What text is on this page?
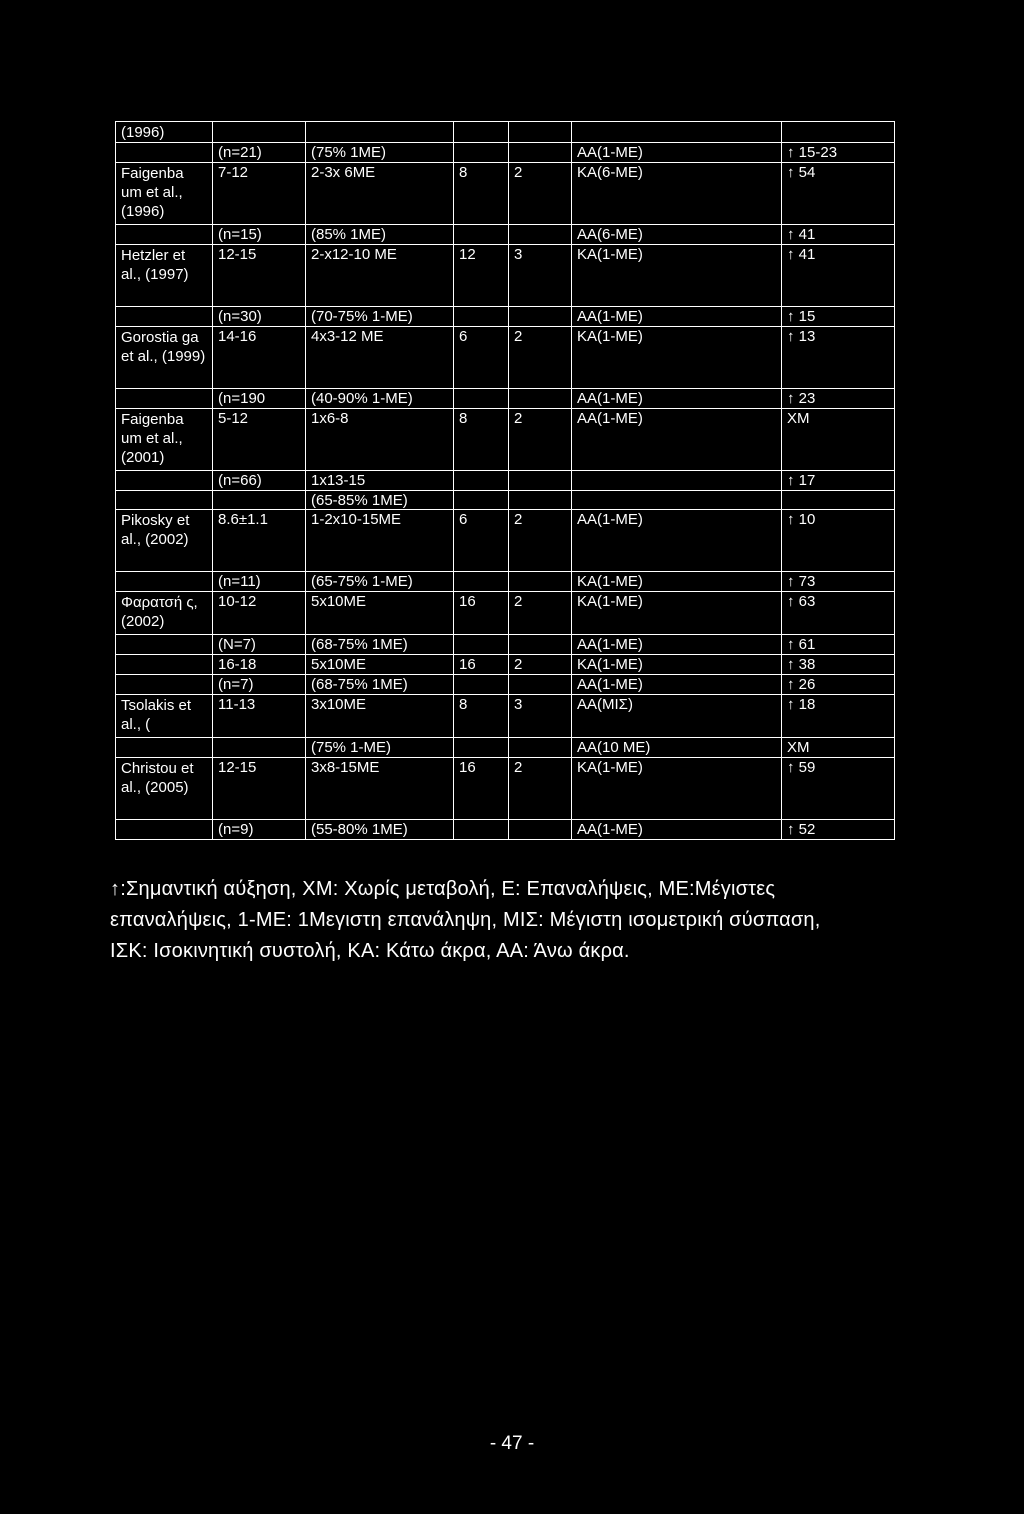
(1996)						
	(n=21)	(75% 1ΜΕ)			ΑΑ(1-ΜΕ)	↑ 15-23
Faigenba um et al., (1996)	7-12	2-3x 6ME	8	2	ΚΑ(6-ΜΕ)	↑ 54
	(n=15)	(85% 1ΜΕ)			ΑΑ(6-ΜΕ)	↑ 41
Hetzler et al., (1997)	12-15	2-x12-10 ME	12	3	ΚΑ(1-ΜΕ)	↑ 41
	(n=30)	(70-75% 1-ΜΕ)			ΑΑ(1-ΜΕ)	↑ 15
Gorostia ga et al., (1999)	14-16	4x3-12 ME	6	2	ΚΑ(1-ΜΕ)	↑ 13
	(n=190	(40-90% 1-ΜΕ)			ΑΑ(1-ΜΕ)	↑ 23
Faigenba um et al., (2001)	5-12	1x6-8	8	2	ΑΑ(1-ΜΕ)	ΧΜ
	(n=66)	1x13-15				↑ 17
		(65-85% 1ΜΕ)				
Pikosky et al., (2002)	8.6±1.1	1-2x10-15ME	6	2	ΑΑ(1-ΜΕ)	↑ 10
	(n=11)	(65-75% 1-ΜΕ)			ΚΑ(1-ΜΕ)	↑ 73
Φαρατσή ς,(2002)	10-12	5x10ME	16	2	ΚΑ(1-ΜΕ)	↑ 63
	(N=7)	(68-75% 1ΜΕ)			ΑΑ(1-ΜΕ)	↑ 61
	16-18	5x10ME	16	2	ΚΑ(1-ΜΕ)	↑ 38
	(n=7)	(68-75% 1ΜΕ)			ΑΑ(1-ΜΕ)	↑ 26
Tsolakis et al., (	11-13	3x10ME	8	3	ΑΑ(ΜΙΣ)	↑ 18
		(75% 1-ΜΕ)			ΑΑ(10 ΜΕ)	ΧΜ
Christou et al., (2005)	12-15	3x8-15ME	16	2	ΚΑ(1-ΜΕ)	↑ 59
	(n=9)	(55-80% 1ΜΕ)			ΑΑ(1-ΜΕ)	↑ 52

↑:Σημαντική αύξηση, ΧΜ: Χωρίς μεταβολή, Ε: Επαναλήψεις, ΜΕ:Μέγιστες

επαναλήψεις, 1-ΜΕ: 1Μεγιστη επανάληψη, ΜΙΣ: Μέγιστη ισομετρική σύσπαση,

ΙΣΚ: Ισοκινητική συστολή, ΚΑ: Κάτω άκρα, ΑΑ: Άνω άκρα.

- 47 -
